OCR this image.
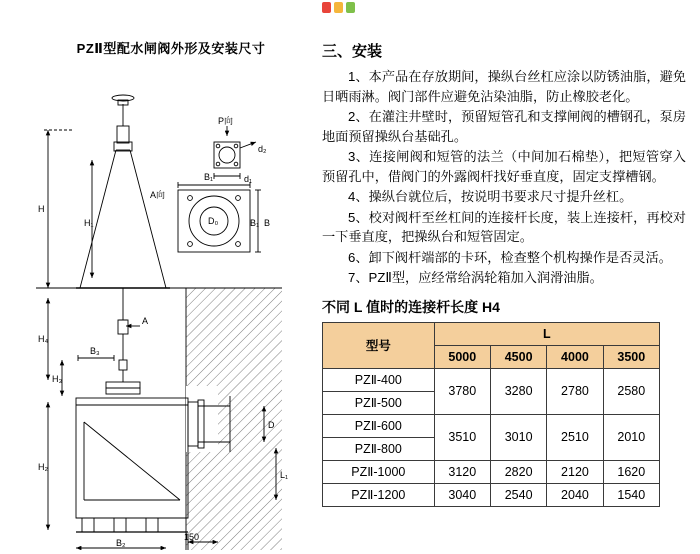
PZⅡ型配水闸阀外形及安装尺寸
P向
A向
A
d₁
d₂
B₁
B
B₁
D₀
H
H₁
H₄
H₃
H₂
B₃
D
L₁
B₂
150
三、安装

1、本产品在存放期间，操纵台丝杠应涂以防锈油脂，避免日晒雨淋。阀门部件应避免沾染油脂，防止橡胶老化。

2、在灌注井壁时，预留短管孔和支撑闸阀的槽钢孔，泵房地面预留操纵台基础孔。

3、连接闸阀和短管的法兰（中间加石棉垫），把短管穿入预留孔中，借阀门的外露阀杆找好垂直度，固定支撑槽钢。

4、操纵台就位后，按说明书要求尺寸提升丝杠。

5、校对阀杆至丝杠间的连接杆长度，装上连接杆，再校对一下垂直度，把操纵台和短管固定。

6、卸下阀杆端部的卡环，检查整个机构操作是否灵活。

7、PZⅡ型，应经常给涡轮箱加入润滑油脂。

不同 L 值时的连接杆长度 H4
型号	L			
	5000	4500	4000	3500
PZⅡ-400	3780	3280	2780	2580
PZⅡ-500				
PZⅡ-600	3510	3010	2510	2010
PZⅡ-800				
PZⅡ-1000	3120	2820	2120	1620
PZⅡ-1200	3040	2540	2040	1540
